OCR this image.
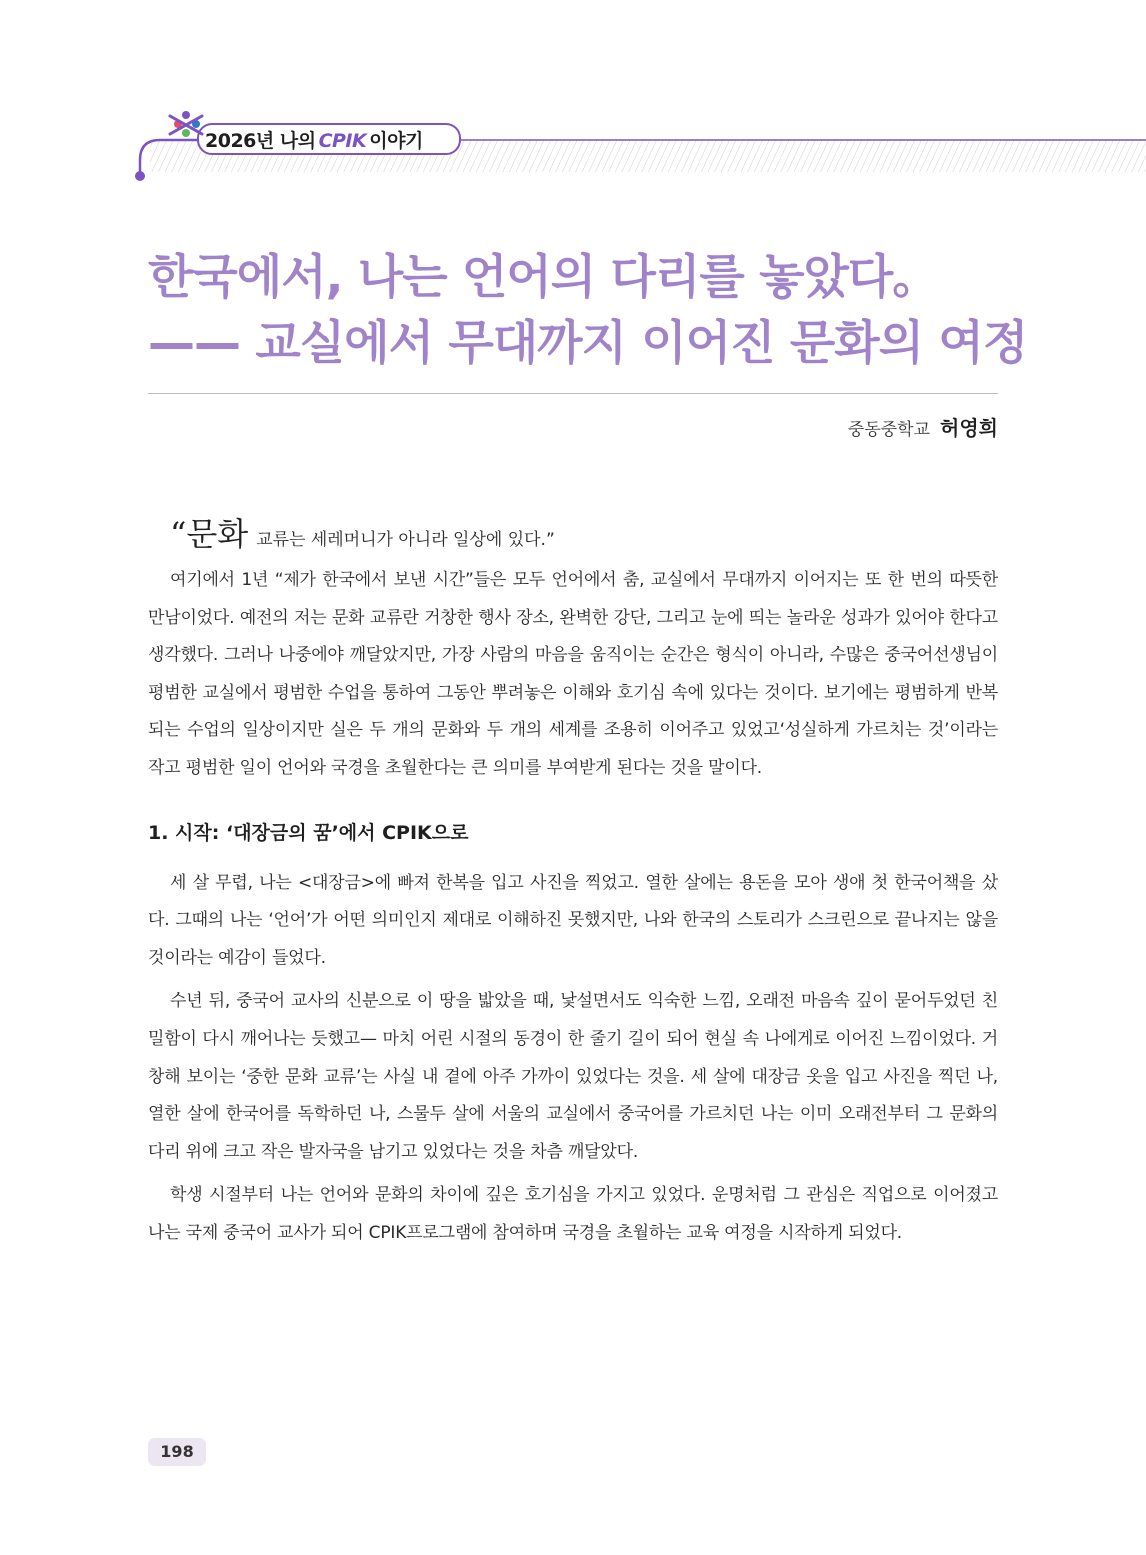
2026년 나의 CPIK 이야기
한국에서, 나는 언어의 다리를 놓았다。
—— 교실에서 무대까지 이어진 문화의 여정
중동중학교 허영희
“문화 교류는 세레머니가 아니라 일상에 있다.”

여기에서 1년 “제가 한국에서 보낸 시간”들은 모두 언어에서 춤, 교실에서 무대까지 이어지는 또 한 번의 따뜻한 만남이었다. 예전의 저는 문화 교류란 거창한 행사 장소, 완벽한 강단, 그리고 눈에 띄는 놀라운 성과가 있어야 한다고 생각했다. 그러나 나중에야 깨달았지만, 가장 사람의 마음을 움직이는 순간은 형식이 아니라, 수많은 중국어선생님이 평범한 교실에서 평범한 수업을 통하여 그동안 뿌려놓은 이해와 호기심 속에 있다는 것이다. 보기에는 평범하게 반복되는 수업의 일상이지만 실은 두 개의 문화와 두 개의 세계를 조용히 이어주고 있었고‘성실하게 가르치는 것’이라는 작고 평범한 일이 언어와 국경을 초월한다는 큰 의미를 부여받게 된다는 것을 말이다.

1. 시작: ‘대장금의 꿈’에서 CPIK으로

세 살 무렵, 나는 <대장금>에 빠져 한복을 입고 사진을 찍었고. 열한 살에는 용돈을 모아 생애 첫 한국어책을 샀다. 그때의 나는 ‘언어’가 어떤 의미인지 제대로 이해하진 못했지만, 나와 한국의 스토리가 스크린으로 끝나지는 않을 것이라는 예감이 들었다.

수년 뒤, 중국어 교사의 신분으로 이 땅을 밟았을 때, 낯설면서도 익숙한 느낌, 오래전 마음속 깊이 묻어두었던 친밀함이 다시 깨어나는 듯했고— 마치 어린 시절의 동경이 한 줄기 길이 되어 현실 속 나에게로 이어진 느낌이었다. 거창해 보이는 ‘중한 문화 교류’는 사실 내 곁에 아주 가까이 있었다는 것을. 세 살에 대장금 옷을 입고 사진을 찍던 나, 열한 살에 한국어를 독학하던 나, 스물두 살에 서울의 교실에서 중국어를 가르치던 나는 이미 오래전부터 그 문화의 다리 위에 크고 작은 발자국을 남기고 있었다는 것을 차츰 깨달았다.

학생 시절부터 나는 언어와 문화의 차이에 깊은 호기심을 가지고 있었다. 운명처럼 그 관심은 직업으로 이어졌고 나는 국제 중국어 교사가 되어 CPIK프로그램에 참여하며 국경을 초월하는 교육 여정을 시작하게 되었다.

198
